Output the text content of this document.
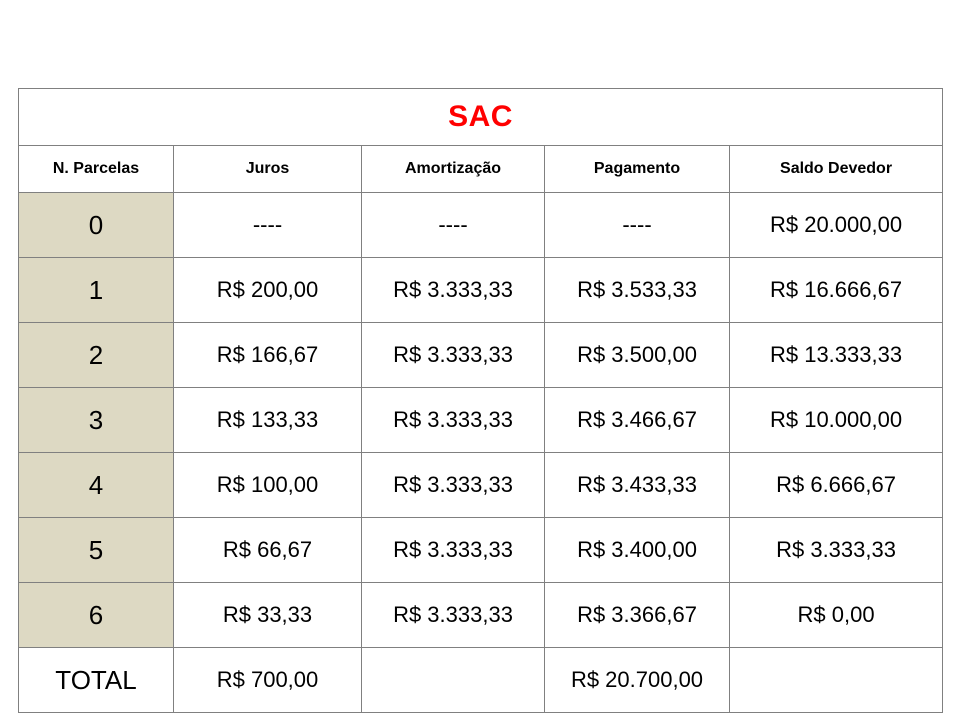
SAC				
N. Parcelas	Juros	Amortização	Pagamento	Saldo Devedor
0	----	----	----	R$ 20.000,00
1	R$ 200,00	R$ 3.333,33	R$ 3.533,33	R$ 16.666,67
2	R$ 166,67	R$ 3.333,33	R$ 3.500,00	R$ 13.333,33
3	R$ 133,33	R$ 3.333,33	R$ 3.466,67	R$ 10.000,00
4	R$ 100,00	R$ 3.333,33	R$ 3.433,33	R$ 6.666,67
5	R$ 66,67	R$ 3.333,33	R$ 3.400,00	R$ 3.333,33
6	R$ 33,33	R$ 3.333,33	R$ 3.366,67	R$ 0,00
TOTAL	R$ 700,00		R$ 20.700,00	
